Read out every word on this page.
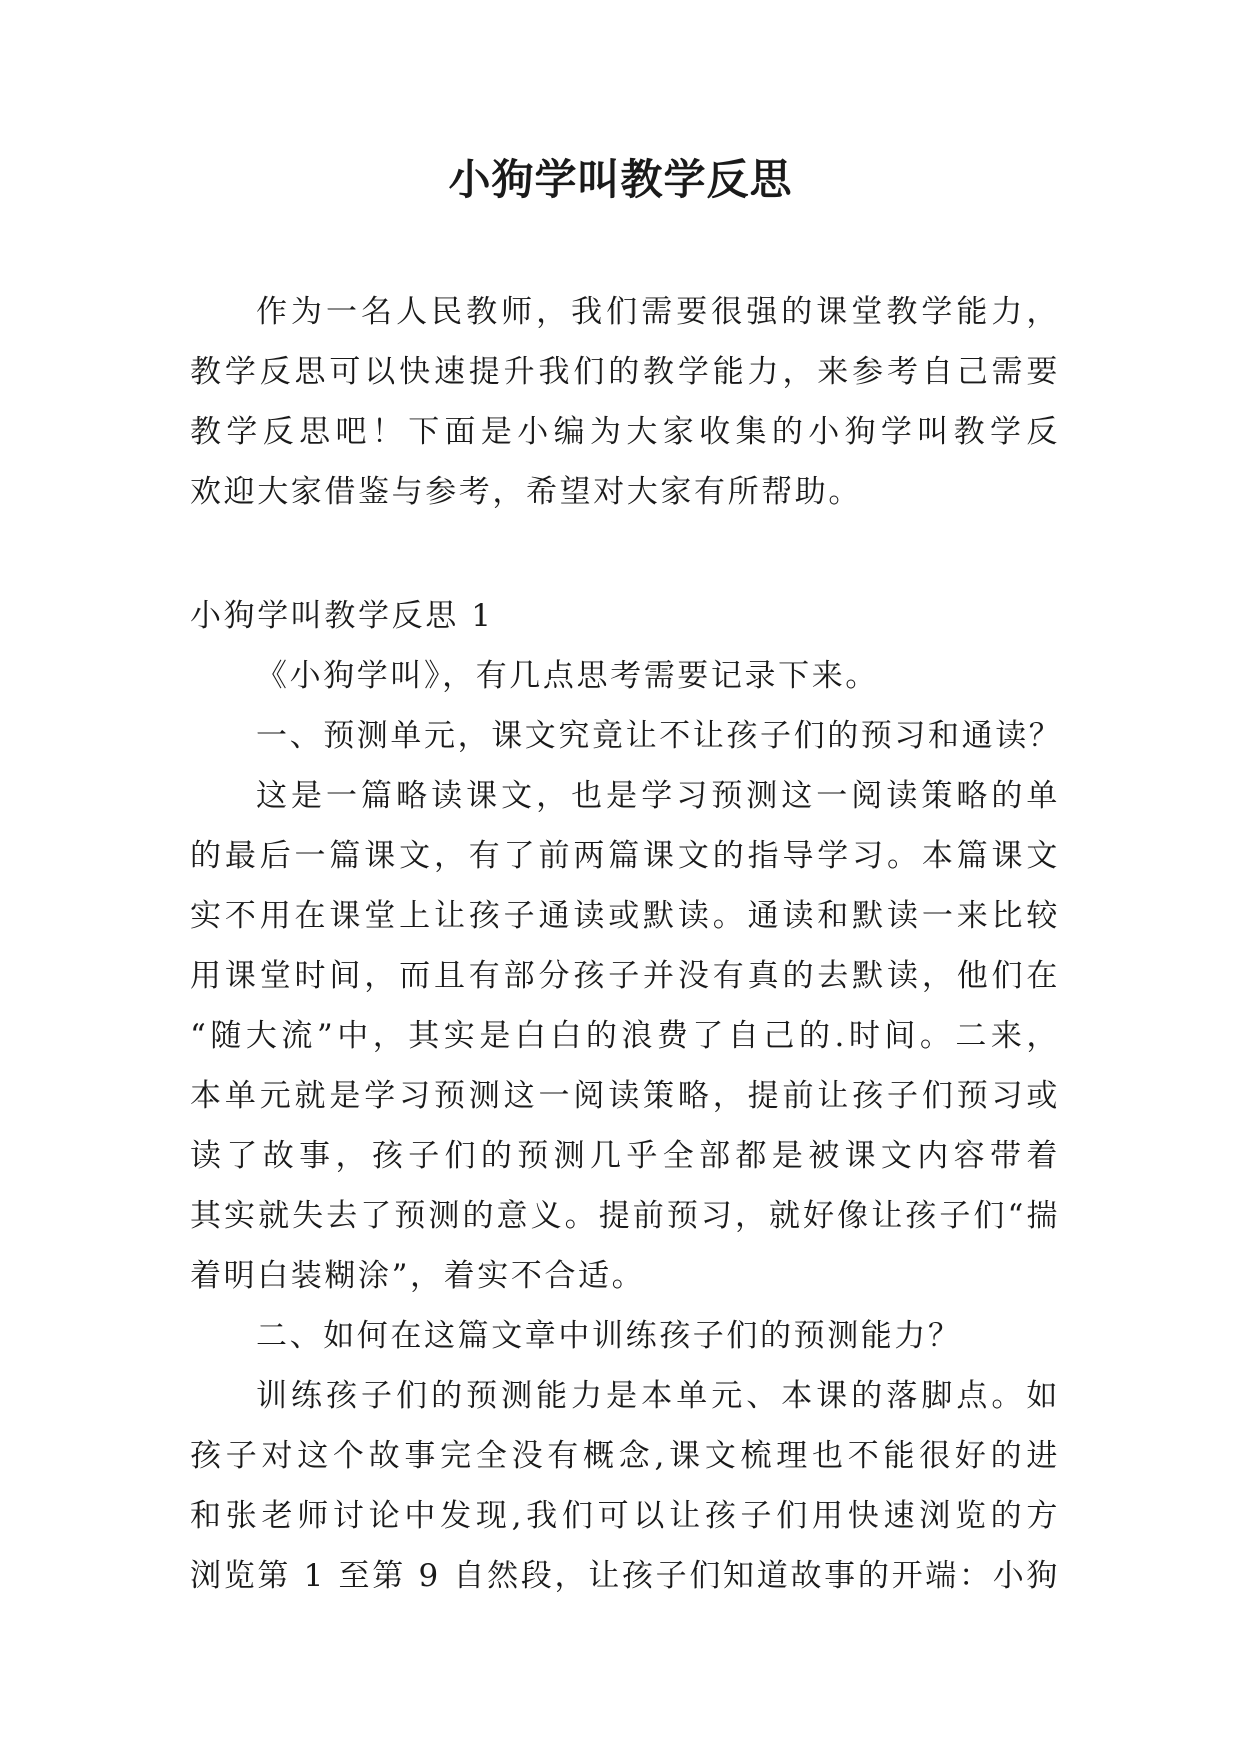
小狗学叫教学反思
作为一名人民教师，我们需要很强的课堂教学能力，
教学反思可以快速提升我们的教学能力，来参考自己需要
教学反思吧！下面是小编为大家收集的小狗学叫教学反
欢迎大家借鉴与参考，希望对大家有所帮助。
小狗学叫教学反思 1
《小狗学叫》，有几点思考需要记录下来。
一、预测单元，课文究竟让不让孩子们的预习和通读？
这是一篇略读课文，也是学习预测这一阅读策略的单
的最后一篇课文，有了前两篇课文的指导学习。本篇课文
实不用在课堂上让孩子通读或默读。通读和默读一来比较
用课堂时间，而且有部分孩子并没有真的去默读，他们在
“随大流”中，其实是白白的浪费了自己的.时间。二来，
本单元就是学习预测这一阅读策略，提前让孩子们预习或
读了故事，孩子们的预测几乎全部都是被课文内容带着
其实就失去了预测的意义。提前预习，就好像让孩子们“揣
着明白装糊涂”，着实不合适。
二、如何在这篇文章中训练孩子们的预测能力？
训练孩子们的预测能力是本单元、本课的落脚点。如
孩子对这个故事完全没有概念,课文梳理也不能很好的进
和张老师讨论中发现,我们可以让孩子们用快速浏览的方
浏览第 1 至第 9 自然段，让孩子们知道故事的开端：小狗
